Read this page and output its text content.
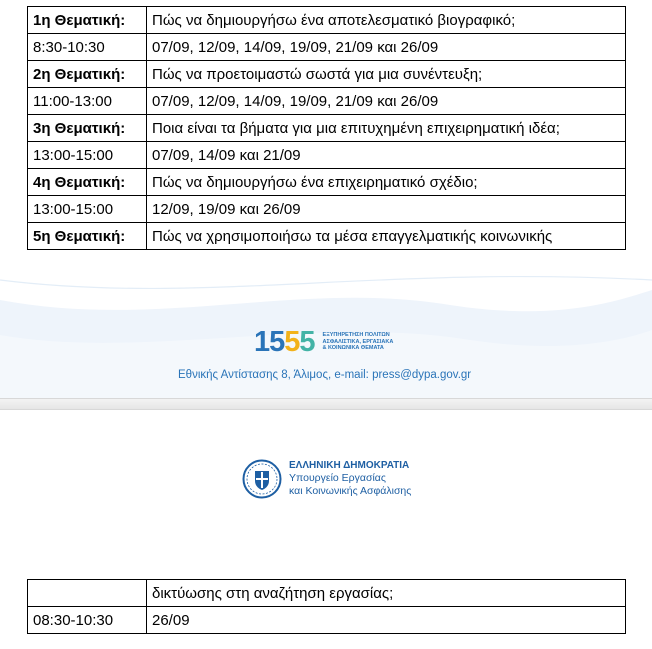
1η Θεματική:	Πώς να δημιουργήσω ένα αποτελεσματικό βιογραφικό;
8:30-10:30	07/09, 12/09, 14/09, 19/09, 21/09 και 26/09
2η Θεματική:	Πώς να προετοιμαστώ σωστά για μια συνέντευξη;
11:00-13:00	07/09, 12/09, 14/09, 19/09, 21/09 και 26/09
3η Θεματική:	Ποια είναι τα βήματα για μια επιτυχημένη επιχειρηματική ιδέα;
13:00-15:00	07/09, 14/09 και 21/09
4η Θεματική:	Πώς να δημιουργήσω ένα επιχειρηματικό σχέδιο;
13:00-15:00	12/09, 19/09 και 26/09
5η Θεματική:	Πώς να χρησιμοποιήσω τα μέσα επαγγελματικής κοινωνικής
1555 ΕΞΥΠΗΡΕΤΗΣΗ ΠΟΛΙΤΩΝ
ΑΣΦΑΛΙΣΤΙΚΑ, ΕΡΓΑΣΙΑΚΑ
& ΚΟΙΝΩΝΙΚΑ ΘΕΜΑΤΑ
Εθνικής Αντίστασης 8, Άλιμος, e-mail: press@dypa.gov.gr
ΕΛΛΗΝΙΚΗ ΔΗΜΟΚΡΑΤΙΑ
Υπουργείο Εργασίας
και Κοινωνικής Ασφάλισης
	δικτύωσης στη αναζήτηση εργασίας;
08:30-10:30	26/09
